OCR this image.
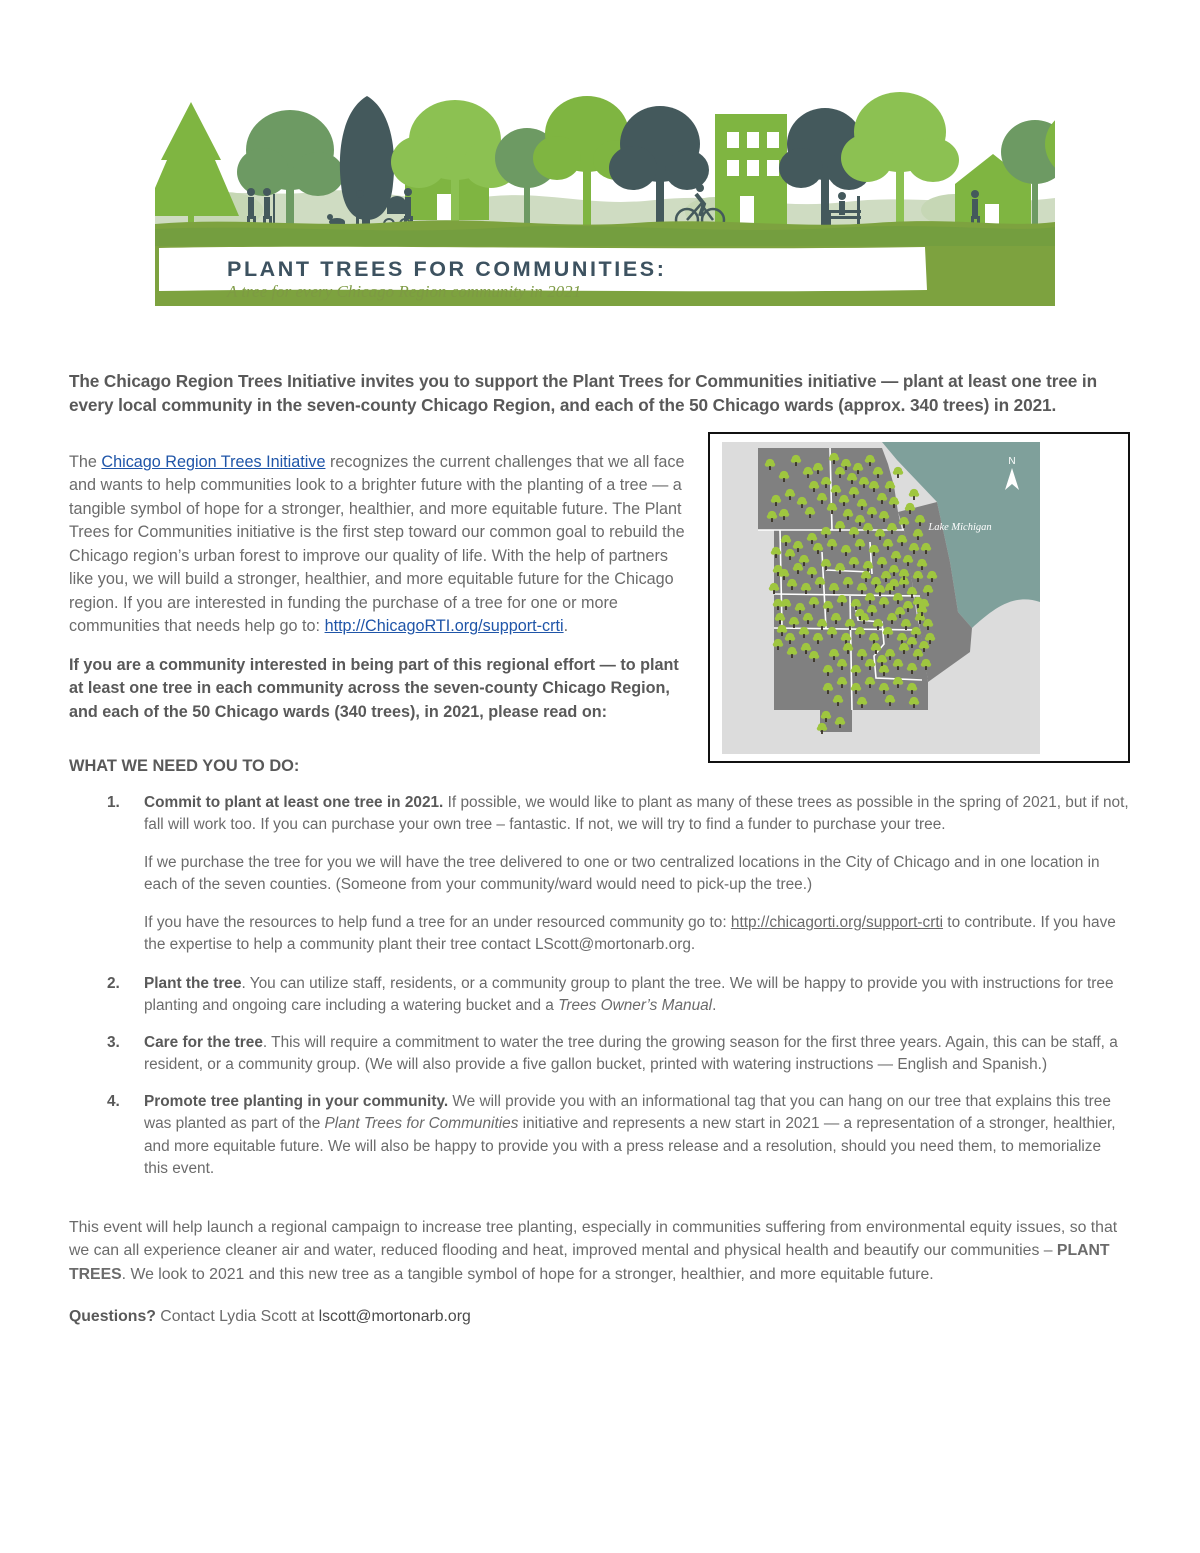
PLANT TREES FOR COMMUNITIES:
A tree for every Chicago Region community in 2021
The Chicago Region Trees Initiative invites you to support the Plant Trees for Communities initiative — plant at least one tree in every local community in the seven-county Chicago Region, and each of the 50 Chicago wards (approx. 340 trees) in 2021.
The Chicago Region Trees Initiative recognizes the current challenges that we all face and wants to help communities look to a brighter future with the planting of a tree — a tangible symbol of hope for a stronger, healthier, and more equitable future. The Plant Trees for Communities initiative is the first step toward our common goal to rebuild the Chicago region’s urban forest to improve our quality of life. With the help of partners like you, we will build a stronger, healthier, and more equitable future for the Chicago region. If you are interested in funding the purchase of a tree for one or more communities that needs help go to: http://ChicagoRTI.org/support-crti.
If you are a community interested in being part of this regional effort — to plant at least one tree in each community across the seven-county Chicago Region, and each of the 50 Chicago wards (340 trees), in 2021, please read on:
WHAT WE NEED YOU TO DO:
Lake Michigan
N
1.	Commit to plant at least one tree in 2021. If possible, we would like to plant as many of these trees as possible in the spring of 2021, but if not, fall will work too. If you can purchase your own tree – fantastic. If not, we will try to find a funder to purchase your tree.
If we purchase the tree for you we will have the tree delivered to one or two centralized locations in the City of Chicago and in one location in each of the seven counties. (Someone from your community/ward would need to pick-up the tree.)
If you have the resources to help fund a tree for an under resourced community go to: http://chicagorti.org/support-crti to contribute. If you have the expertise to help a community plant their tree contact LScott@mortonarb.org.
2.	Plant the tree. You can utilize staff, residents, or a community group to plant the tree. We will be happy to provide you with instructions for tree planting and ongoing care including a watering bucket and a Trees Owner’s Manual.
3.	Care for the tree. This will require a commitment to water the tree during the growing season for the first three years. Again, this can be staff, a resident, or a community group. (We will also provide a five gallon bucket, printed with watering instructions — English and Spanish.)
4.	Promote tree planting in your community. We will provide you with an informational tag that you can hang on our tree that explains this tree was planted as part of the Plant Trees for Communities initiative and represents a new start in 2021 — a representation of a stronger, healthier, and more equitable future. We will also be happy to provide you with a press release and a resolution, should you need them, to memorialize this event.
This event will help launch a regional campaign to increase tree planting, especially in communities suffering from environmental equity issues, so that we can all experience cleaner air and water, reduced flooding and heat, improved mental and physical health and beautify our communities – PLANT TREES. We look to 2021 and this new tree as a tangible symbol of hope for a stronger, healthier, and more equitable future.
Questions? Contact Lydia Scott at lscott@mortonarb.org
